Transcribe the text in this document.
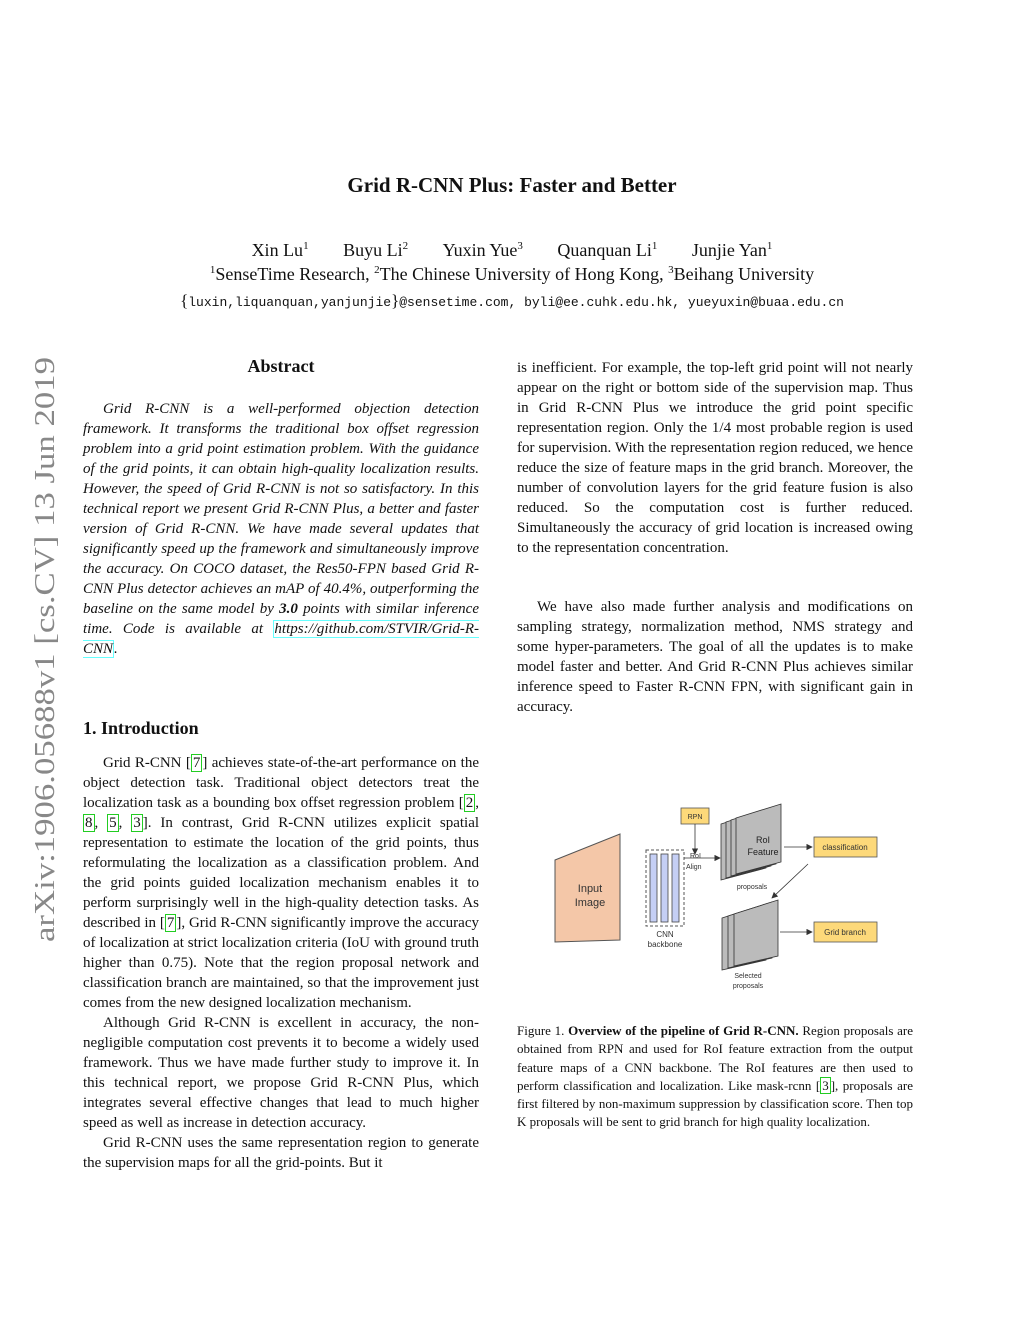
arXiv:1906.05688v1 [cs.CV] 13 Jun 2019
Grid R-CNN Plus: Faster and Better
Xin Lu$^1$ Buyu Li$^2$ Yuxin Yue$^3$ Quanquan Li$^1$ Junjie Yan$^1$
$^1$SenseTime Research, $^2$The Chinese University of Hong Kong, $^3$Beihang University
{luxin,liquanquan,yanjunjie}@sensetime.com, byli@ee.cuhk.edu.hk, yueyuxin@buaa.edu.cn
Abstract

Grid R-CNN is a well-performed objection detection framework. It transforms the traditional box offset regression problem into a grid point estimation problem. With the guidance of the grid points, it can obtain high-quality localization results. However, the speed of Grid R-CNN is not so satisfactory. In this technical report we present Grid R-CNN Plus, a better and faster version of Grid R-CNN. We have made several updates that significantly speed up the framework and simultaneously improve the accuracy. On COCO dataset, the Res50-FPN based Grid R-CNN Plus detector achieves an mAP of 40.4%, outperforming the baseline on the same model by 3.0 points with similar inference time. Code is available at https://github.com/STVIR/Grid-R-CNN.

1. Introduction

Grid R-CNN [ 7 ] achieves state-of-the-art performance on the object detection task. Traditional object detectors treat the localization task as a bounding box offset regression problem [ 2 , 8 , 5 , 3 ]. In contrast, Grid R-CNN utilizes explicit spatial representation to estimate the location of the grid points, thus reformulating the localization as a classification problem. And the grid points guided localization mechanism enables it to perform surprisingly well in the high-quality detection tasks. As described in [ 7 ], Grid R-CNN significantly improve the accuracy of localization at strict localization criteria (IoU with ground truth higher than 0.75). Note that the region proposal network and classification branch are maintained, so that the improvement just comes from the new designed localization mechanism.

Although Grid R-CNN is excellent in accuracy, the non-negligible computation cost prevents it to become a widely used framework. Thus we have made further study to improve it. In this technical report, we propose Grid R-CNN Plus, which integrates several effective changes that lead to much higher speed as well as increase in detection accuracy.

Grid R-CNN uses the same representation region to generate the supervision maps for all the grid-points. But it

is inefficient. For example, the top-left grid point will not nearly appear on the right or bottom side of the supervision map. Thus in Grid R-CNN Plus we introduce the grid point specific representation region. Only the 1/4 most probable region is used for supervision. With the representation region reduced, we hence reduce the size of feature maps in the grid branch. Moreover, the number of convolution layers for the grid feature fusion is also reduced. So the computation cost is further reduced. Simultaneously the accuracy of grid location is increased owing to the representation concentration.

We have also made further analysis and modifications on sampling strategy, normalization method, NMS strategy and some hyper-parameters. The goal of all the updates is to make model faster and better. And Grid R-CNN Plus achieves similar inference speed to Faster R-CNN FPN, with significant gain in accuracy.

Input
Image
CNN
backbone
RPN
RoI
Align
RoI
Feature
proposals
classification
Selected
proposals
Grid branch
Figure 1. Overview of the pipeline of Grid R-CNN. Region proposals are obtained from RPN and used for RoI feature extraction from the output feature maps of a CNN backbone. The RoI features are then used to perform classification and localization. Like mask-rcnn [ 3 ], proposals are first filtered by non-maximum suppression by classification score. Then top K proposals will be sent to grid branch for high quality localization.
